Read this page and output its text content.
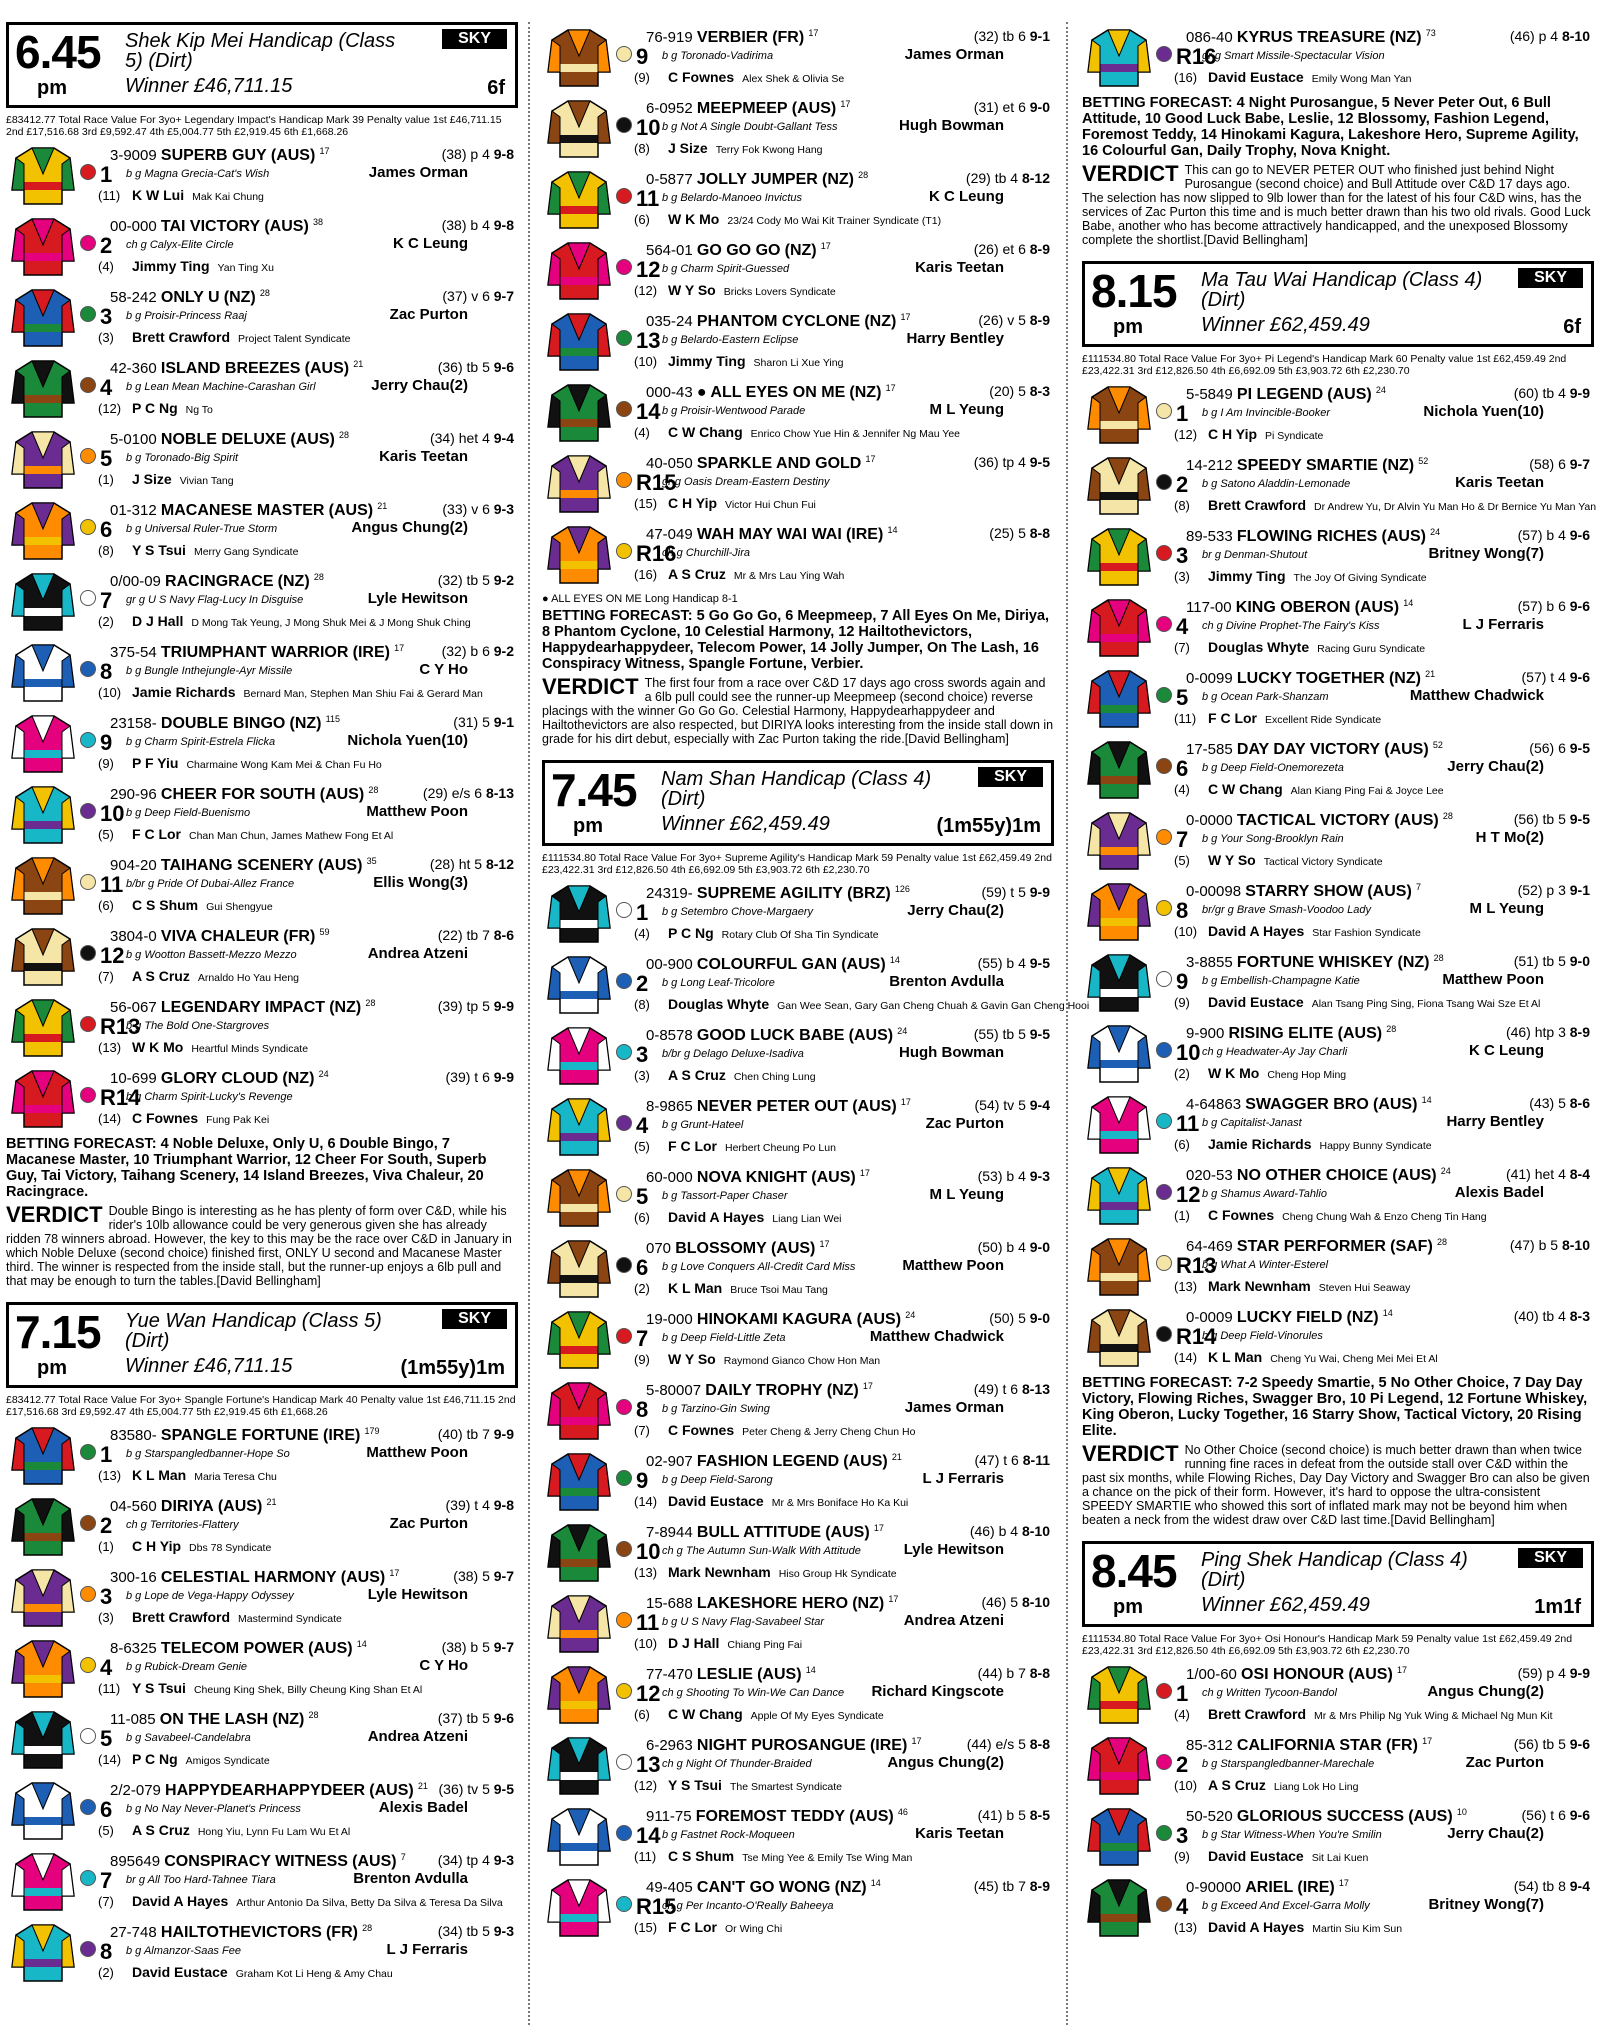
6.45
pm
Shek Kip Mei Handicap (Class 5) (Dirt)
Winner £46,711.15
SKY
6f
£83412.77 Total Race Value For 3yo+ Legendary Impact's Handicap Mark 39 Penalty value 1st £46,711.15 2nd £17,516.68 3rd £9,592.47 4th £5,004.77 5th £2,919.45 6th £1,668.26
3-9009 SUPERB GUY (AUS) $^{17}$	(38) p 4 9-8
1 b g Magna Grecia-Cat's Wish	James Orman
(11) K W Lui Mak Kai Chung
00-000 TAI VICTORY (AUS) $^{38}$	(38) b 4 9-8
2 ch g Calyx-Elite Circle	K C Leung
(4) Jimmy Ting Yan Ting Xu
58-242 ONLY U (NZ) $^{28}$	(37) v 6 9-7
3 b g Proisir-Princess Raaj	Zac Purton
(3) Brett Crawford Project Talent Syndicate
42-360 ISLAND BREEZES (AUS) $^{21}$	(36) tb 5 9-6
4 b g Lean Mean Machine-Carashan Girl	Jerry Chau(2)
(12) P C Ng Ng To
5-0100 NOBLE DELUXE (AUS) $^{28}$	(34) het 4 9-4
5 b g Toronado-Big Spirit	Karis Teetan
(1) J Size Vivian Tang
01-312 MACANESE MASTER (AUS) $^{21}$	(33) v 6 9-3
6 b g Universal Ruler-True Storm	Angus Chung(2)
(8) Y S Tsui Merry Gang Syndicate
0/00-09 RACINGRACE (NZ) $^{28}$	(32) tb 5 9-2
7 gr g U S Navy Flag-Lucy In Disguise	Lyle Hewitson
(2) D J Hall D Mong Tak Yeung, J Mong Shuk Mei & J Mong Shuk Ching
375-54 TRIUMPHANT WARRIOR (IRE) $^{17}$	(32) b 6 9-2
8 b g Bungle Inthejungle-Ayr Missile	C Y Ho
(10) Jamie Richards Bernard Man, Stephen Man Shiu Fai & Gerard Man
23158- DOUBLE BINGO (NZ) $^{115}$	(31) 5 9-1
9 b g Charm Spirit-Estrela Flicka	Nichola Yuen(10)
(9) P F Yiu Charmaine Wong Kam Mei & Chan Fu Ho
290-96 CHEER FOR SOUTH (AUS) $^{28}$	(29) e/s 6 8-13
10 b g Deep Field-Buenismo	Matthew Poon
(5) F C Lor Chan Man Chun, James Mathew Fong Et Al
904-20 TAIHANG SCENERY (AUS) $^{35}$	(28) ht 5 8-12
11 b/br g Pride Of Dubai-Allez France	Ellis Wong(3)
(6) C S Shum Gui Shengyue
3804-0 VIVA CHALEUR (FR) $^{59}$	(22) tb 7 8-6
12 b g Wootton Bassett-Mezzo Mezzo	Andrea Atzeni
(7) A S Cruz Arnaldo Ho Yau Heng
56-067 LEGENDARY IMPACT (NZ) $^{28}$	(39) tp 5 9-9
R13
b g The Bold One-Stargroves
(13) W K Mo Heartful Minds Syndicate
10-699 GLORY CLOUD (NZ) $^{24}$	(39) t 6 9-9
R14
b g Charm Spirit-Lucky's Revenge
(14) C Fownes Fung Pak Kei
BETTING FORECAST: 4 Noble Deluxe, Only U, 6 Double Bingo, 7 Macanese Master, 10 Triumphant Warrior, 12 Cheer For South, Superb Guy, Tai Victory, Taihang Scenery, 14 Island Breezes, Viva Chaleur, 20 Racingrace.
VERDICT Double Bingo is interesting as he has plenty of form over C&D, while his rider's 10lb allowance could be very generous given she has already ridden 78 winners abroad. However, the key to this may be the race over C&D in January in which Noble Deluxe (second choice) finished first, ONLY U second and Macanese Master third. The winner is respected from the inside stall, but the runner-up enjoys a 6lb pull and that may be enough to turn the tables.[David Bellingham]
7.15
pm
Yue Wan Handicap (Class 5) (Dirt)
Winner £46,711.15
SKY
(1m55y)1m
£83412.77 Total Race Value For 3yo+ Spangle Fortune's Handicap Mark 40 Penalty value 1st £46,711.15 2nd £17,516.68 3rd £9,592.47 4th £5,004.77 5th £2,919.45 6th £1,668.26
83580- SPANGLE FORTUNE (IRE) $^{179}$	(40) tb 7 9-9
1 b g Starspangledbanner-Hope So	Matthew Poon
(13) K L Man Maria Teresa Chu
04-560 DIRIYA (AUS) $^{21}$	(39) t 4 9-8
2 ch g Territories-Flattery	Zac Purton
(1) C H Yip Dbs 78 Syndicate
300-16 CELESTIAL HARMONY (AUS) $^{17}$	(38) 5 9-7
3 b g Lope de Vega-Happy Odyssey	Lyle Hewitson
(3) Brett Crawford Mastermind Syndicate
8-6325 TELECOM POWER (AUS) $^{14}$	(38) b 5 9-7
4 b g Rubick-Dream Genie	C Y Ho
(11) Y S Tsui Cheung King Shek, Billy Cheung King Shan Et Al
11-085 ON THE LASH (NZ) $^{28}$	(37) tb 5 9-6
5 b g Savabeel-Candelabra	Andrea Atzeni
(14) P C Ng Amigos Syndicate
2/2-079 HAPPYDEARHAPPYDEER (AUS) $^{21}$ (36) tv 5 9-5
6 b g No Nay Never-Planet's Princess	Alexis Badel
(5) A S Cruz Hong Yiu, Lynn Fu Lam Wu Et Al
895649 CONSPIRACY WITNESS (AUS) $^7$ (34) tp 4 9-3
7 br g All Too Hard-Tahnee Tiara	Brenton Avdulla
(7) David A Hayes Arthur Antonio Da Silva, Betty Da Silva & Teresa Da Silva
27-748 HAILTOTHEVICTORS (FR) $^{28}$	(34) tb 5 9-3
8 b g Almanzor-Saas Fee	L J Ferraris
(2) David Eustace Graham Kot Li Heng & Amy Chau
76-919 VERBIER (FR) $^{17}$	(32) tb 6 9-1
9 b g Toronado-Vadirima	James Orman
(9) C Fownes Alex Shek & Olivia Se
6-0952 MEEPMEEP (AUS) $^{17}$	(31) et 6 9-0
10 b g Not A Single Doubt-Gallant Tess	Hugh Bowman
(8) J Size Terry Fok Kwong Hang
0-5877 JOLLY JUMPER (NZ) $^{28}$	(29) tb 4 8-12
11 b g Belardo-Manoeo Invictus	K C Leung
(6) W K Mo 23/24 Cody Mo Wai Kit Trainer Syndicate (T1)
564-01 GO GO GO (NZ) $^{17}$	(26) et 6 8-9
12 b g Charm Spirit-Guessed	Karis Teetan
(12) W Y So Bricks Lovers Syndicate
035-24 PHANTOM CYCLONE (NZ) $^{17}$	(26) v 5 8-9
13 b g Belardo-Eastern Eclipse	Harry Bentley
(10) Jimmy Ting Sharon Li Xue Ying
000-43 ● ALL EYES ON ME (NZ) $^{17}$	(20) 5 8-3
14 b g Proisir-Wentwood Parade	M L Yeung
(4) C W Chang Enrico Chow Yue Hin & Jennifer Ng Mau Yee
40-050 SPARKLE AND GOLD $^{17}$	(36) tp 4 9-5
R15
gr g Oasis Dream-Eastern Destiny
(15) C H Yip Victor Hui Chun Fui
47-049 WAH MAY WAI WAI (IRE) $^{14}$	(25) 5 8-8
R16
ch g Churchill-Jira
(16) A S Cruz Mr & Mrs Lau Ying Wah
● ALL EYES ON ME Long Handicap 8-1
BETTING FORECAST: 5 Go Go Go, 6 Meepmeep, 7 All Eyes On Me, Diriya, 8 Phantom Cyclone, 10 Celestial Harmony, 12 Hailtothevictors, Happydearhappydeer, Telecom Power, 14 Jolly Jumper, On The Lash, 16 Conspiracy Witness, Spangle Fortune, Verbier.
VERDICT The first four from a race over C&D 17 days ago cross swords again and a 6lb pull could see the runner-up Meepmeep (second choice) reverse placings with the winner Go Go Go. Celestial Harmony, Happydearhappydeer and Hailtothevictors are also respected, but DIRIYA looks interesting from the inside stall down in grade for his dirt debut, especially with Zac Purton taking the ride.[David Bellingham]
7.45
pm
Nam Shan Handicap (Class 4) (Dirt)
Winner £62,459.49
SKY
(1m55y)1m
£111534.80 Total Race Value For 3yo+ Supreme Agility's Handicap Mark 59 Penalty value 1st £62,459.49 2nd £23,422.31 3rd £12,826.50 4th £6,692.09 5th £3,903.72 6th £2,230.70
24319- SUPREME AGILITY (BRZ) $^{126}$	(59) t 5 9-9
1 b g Setembro Chove-Margaery	Jerry Chau(2)
(4) P C Ng Rotary Club Of Sha Tin Syndicate
00-900 COLOURFUL GAN (AUS) $^{14}$	(55) b 4 9-5
2 b g Long Leaf-Tricolore	Brenton Avdulla
(8) Douglas Whyte Gan Wee Sean, Gary Gan Cheng Chuah & Gavin Gan Cheng Hooi
0-8578 GOOD LUCK BABE (AUS) $^{24}$	(55) tb 5 9-5
3 b/br g Delago Deluxe-Isadiva	Hugh Bowman
(3) A S Cruz Chen Ching Lung
8-9865 NEVER PETER OUT (AUS) $^{17}$	(54) tv 5 9-4
4 b g Grunt-Hateel	Zac Purton
(5) F C Lor Herbert Cheung Po Lun
60-000 NOVA KNIGHT (AUS) $^{17}$	(53) b 4 9-3
5 b g Tassort-Paper Chaser	M L Yeung
(6) David A Hayes Liang Lian Wei
070 BLOSSOMY (AUS) $^{17}$	(50) b 4 9-0
6 b g Love Conquers All-Credit Card Miss	Matthew Poon
(2) K L Man Bruce Tsoi Mau Tang
19-000 HINOKAMI KAGURA (AUS) $^{24}$	(50) 5 9-0
7 b g Deep Field-Little Zeta	Matthew Chadwick
(9) W Y So Raymond Gianco Chow Hon Man
5-80007 DAILY TROPHY (NZ) $^{17}$	(49) t 6 8-13
8 b g Tarzino-Gin Swing	James Orman
(7) C Fownes Peter Cheng & Jerry Cheng Chun Ho
02-907 FASHION LEGEND (AUS) $^{21}$	(47) t 6 8-11
9 b g Deep Field-Sarong	L J Ferraris
(14) David Eustace Mr & Mrs Boniface Ho Ka Kui
7-8944 BULL ATTITUDE (AUS) $^{17}$	(46) b 4 8-10
10 ch g The Autumn Sun-Walk With Attitude	Lyle Hewitson
(13) Mark Newnham Hiso Group Hk Syndicate
15-688 LAKESHORE HERO (NZ) $^{17}$	(46) 5 8-10
11 b g U S Navy Flag-Savabeel Star	Andrea Atzeni
(10) D J Hall Chiang Ping Fai
77-470 LESLIE (AUS) $^{14}$	(44) b 7 8-8
12 ch g Shooting To Win-We Can Dance Richard Kingscote
(6) C W Chang Apple Of My Eyes Syndicate
6-2963 NIGHT PUROSANGUE (IRE) $^{17}$	(44) e/s 5 8-8
13 ch g Night Of Thunder-Braided	Angus Chung(2)
(12) Y S Tsui The Smartest Syndicate
911-75 FOREMOST TEDDY (AUS) $^{46}$	(41) b 5 8-5
14 b g Fastnet Rock-Moqueen	Karis Teetan
(11) C S Shum Tse Ming Yee & Emily Tse Wing Man
49-405 CAN'T GO WONG (NZ) $^{14}$	(45) tb 7 8-9
R15
ch g Per Incanto-O'Really Baheeya
(15) F C Lor Or Wing Chi
086-40 KYRUS TREASURE (NZ) $^{73}$	(46) p 4 8-10
R16
gr g Smart Missile-Spectacular Vision
(16) David Eustace Emily Wong Man Yan
BETTING FORECAST: 4 Night Purosangue, 5 Never Peter Out, 6 Bull Attitude, 10 Good Luck Babe, Leslie, 12 Blossomy, Fashion Legend, Foremost Teddy, 14 Hinokami Kagura, Lakeshore Hero, Supreme Agility, 16 Colourful Gan, Daily Trophy, Nova Knight.
VERDICT This can go to NEVER PETER OUT who finished just behind Night Purosangue (second choice) and Bull Attitude over C&D 17 days ago. The selection has now slipped to 9lb lower than for the latest of his four C&D wins, has the services of Zac Purton this time and is much better drawn than his two old rivals. Good Luck Babe, another who has become attractively handicapped, and the unexposed Blossomy complete the shortlist.[David Bellingham]
8.15
pm
Ma Tau Wai Handicap (Class 4) (Dirt)
Winner £62,459.49
SKY
6f
£111534.80 Total Race Value For 3yo+ Pi Legend's Handicap Mark 60 Penalty value 1st £62,459.49 2nd £23,422.31 3rd £12,826.50 4th £6,692.09 5th £3,903.72 6th £2,230.70
5-5849 PI LEGEND (AUS) $^{24}$	(60) tb 4 9-9
1 b g I Am Invincible-Booker	Nichola Yuen(10)
(12) C H Yip Pi Syndicate
14-212 SPEEDY SMARTIE (NZ) $^{52}$	(58) 6 9-7
2 b g Satono Aladdin-Lemonade	Karis Teetan
(8) Brett Crawford Dr Andrew Yu, Dr Alvin Yu Man Ho & Dr Bernice Yu Man Yan
89-533 FLOWING RICHES (AUS) $^{24}$	(57) b 4 9-6
3 br g Denman-Shutout	Britney Wong(7)
(3) Jimmy Ting The Joy Of Giving Syndicate
117-00 KING OBERON (AUS) $^{14}$	(57) b 6 9-6
4 ch g Divine Prophet-The Fairy's Kiss	L J Ferraris
(7) Douglas Whyte Racing Guru Syndicate
0-0099 LUCKY TOGETHER (NZ) $^{21}$	(57) t 4 9-6
5 b g Ocean Park-Shanzam	Matthew Chadwick
(11) F C Lor Excellent Ride Syndicate
17-585 DAY DAY VICTORY (AUS) $^{52}$	(56) 6 9-5
6 b g Deep Field-Onemorezeta	Jerry Chau(2)
(4) C W Chang Alan Kiang Ping Fai & Joyce Lee
0-0000 TACTICAL VICTORY (AUS) $^{28}$	(56) tb 5 9-5
7 b g Your Song-Brooklyn Rain	H T Mo(2)
(5) W Y So Tactical Victory Syndicate
0-00098 STARRY SHOW (AUS) $^7$	(52) p 3 9-1
8 br/gr g Brave Smash-Voodoo Lady	M L Yeung
(10) David A Hayes Star Fashion Syndicate
3-8855 FORTUNE WHISKEY (NZ) $^{28}$	(51) tb 5 9-0
9 b g Embellish-Champagne Katie	Matthew Poon
(9) David Eustace Alan Tsang Ping Sing, Fiona Tsang Wai Sze Et Al
9-900 RISING ELITE (AUS) $^{28}$	(46) htp 3 8-9
10 ch g Headwater-Ay Jay Charli	K C Leung
(2) W K Mo Cheng Hop Ming
4-64863 SWAGGER BRO (AUS) $^{14}$	(43) 5 8-6
11 b g Capitalist-Janast	Harry Bentley
(6) Jamie Richards Happy Bunny Syndicate
020-53 NO OTHER CHOICE (AUS) $^{24}$	(41) het 4 8-4
12 b g Shamus Award-Tahlio	Alexis Badel
(1) C Fownes Cheng Chung Wah & Enzo Cheng Tin Hang
64-469 STAR PERFORMER (SAF) $^{28}$	(47) b 5 8-10
R13
b g What A Winter-Esterel
(13) Mark Newnham Steven Hui Seaway
0-0009 LUCKY FIELD (NZ) $^{14}$	(40) tb 4 8-3
R14
b g Deep Field-Vinorules
(14) K L Man Cheng Yu Wai, Cheng Mei Mei Et Al
BETTING FORECAST: 7-2 Speedy Smartie, 5 No Other Choice, 7 Day Day Victory, Flowing Riches, Swagger Bro, 10 Pi Legend, 12 Fortune Whiskey, King Oberon, Lucky Together, 16 Starry Show, Tactical Victory, 20 Rising Elite.
VERDICT No Other Choice (second choice) is much better drawn than when twice running fine races in defeat from the outside stall over C&D within the past six months, while Flowing Riches, Day Day Victory and Swagger Bro can also be given a chance on the pick of their form. However, it's hard to oppose the ultra-consistent SPEEDY SMARTIE who showed this sort of inflated mark may not be beyond him when beaten a neck from the widest draw over C&D last time.[David Bellingham]
8.45
pm
Ping Shek Handicap (Class 4) (Dirt)
Winner £62,459.49
SKY
1m1f
£111534.80 Total Race Value For 3yo+ Osi Honour's Handicap Mark 59 Penalty value 1st £62,459.49 2nd £23,422.31 3rd £12,826.50 4th £6,692.09 5th £3,903.72 6th £2,230.70
1/00-60 OSI HONOUR (AUS) $^{17}$	(59) p 4 9-9
1 ch g Written Tycoon-Bandol	Angus Chung(2)
(4) Brett Crawford Mr & Mrs Philip Ng Yuk Wing & Michael Ng Mun Kit
85-312 CALIFORNIA STAR (FR) $^{17}$	(56) tb 5 9-6
2 b g Starspangledbanner-Marechale	Zac Purton
(10) A S Cruz Liang Lok Ho Ling
50-520 GLORIOUS SUCCESS (AUS) $^{10}$	(56) t 6 9-6
3 b g Star Witness-When You're Smilin	Jerry Chau(2)
(9) David Eustace Sit Lai Kuen
0-90000 ARIEL (IRE) $^{17}$	(54) tb 8 9-4
4 b g Exceed And Excel-Garra Molly	Britney Wong(7)
(13) David A Hayes Martin Siu Kim Sun
